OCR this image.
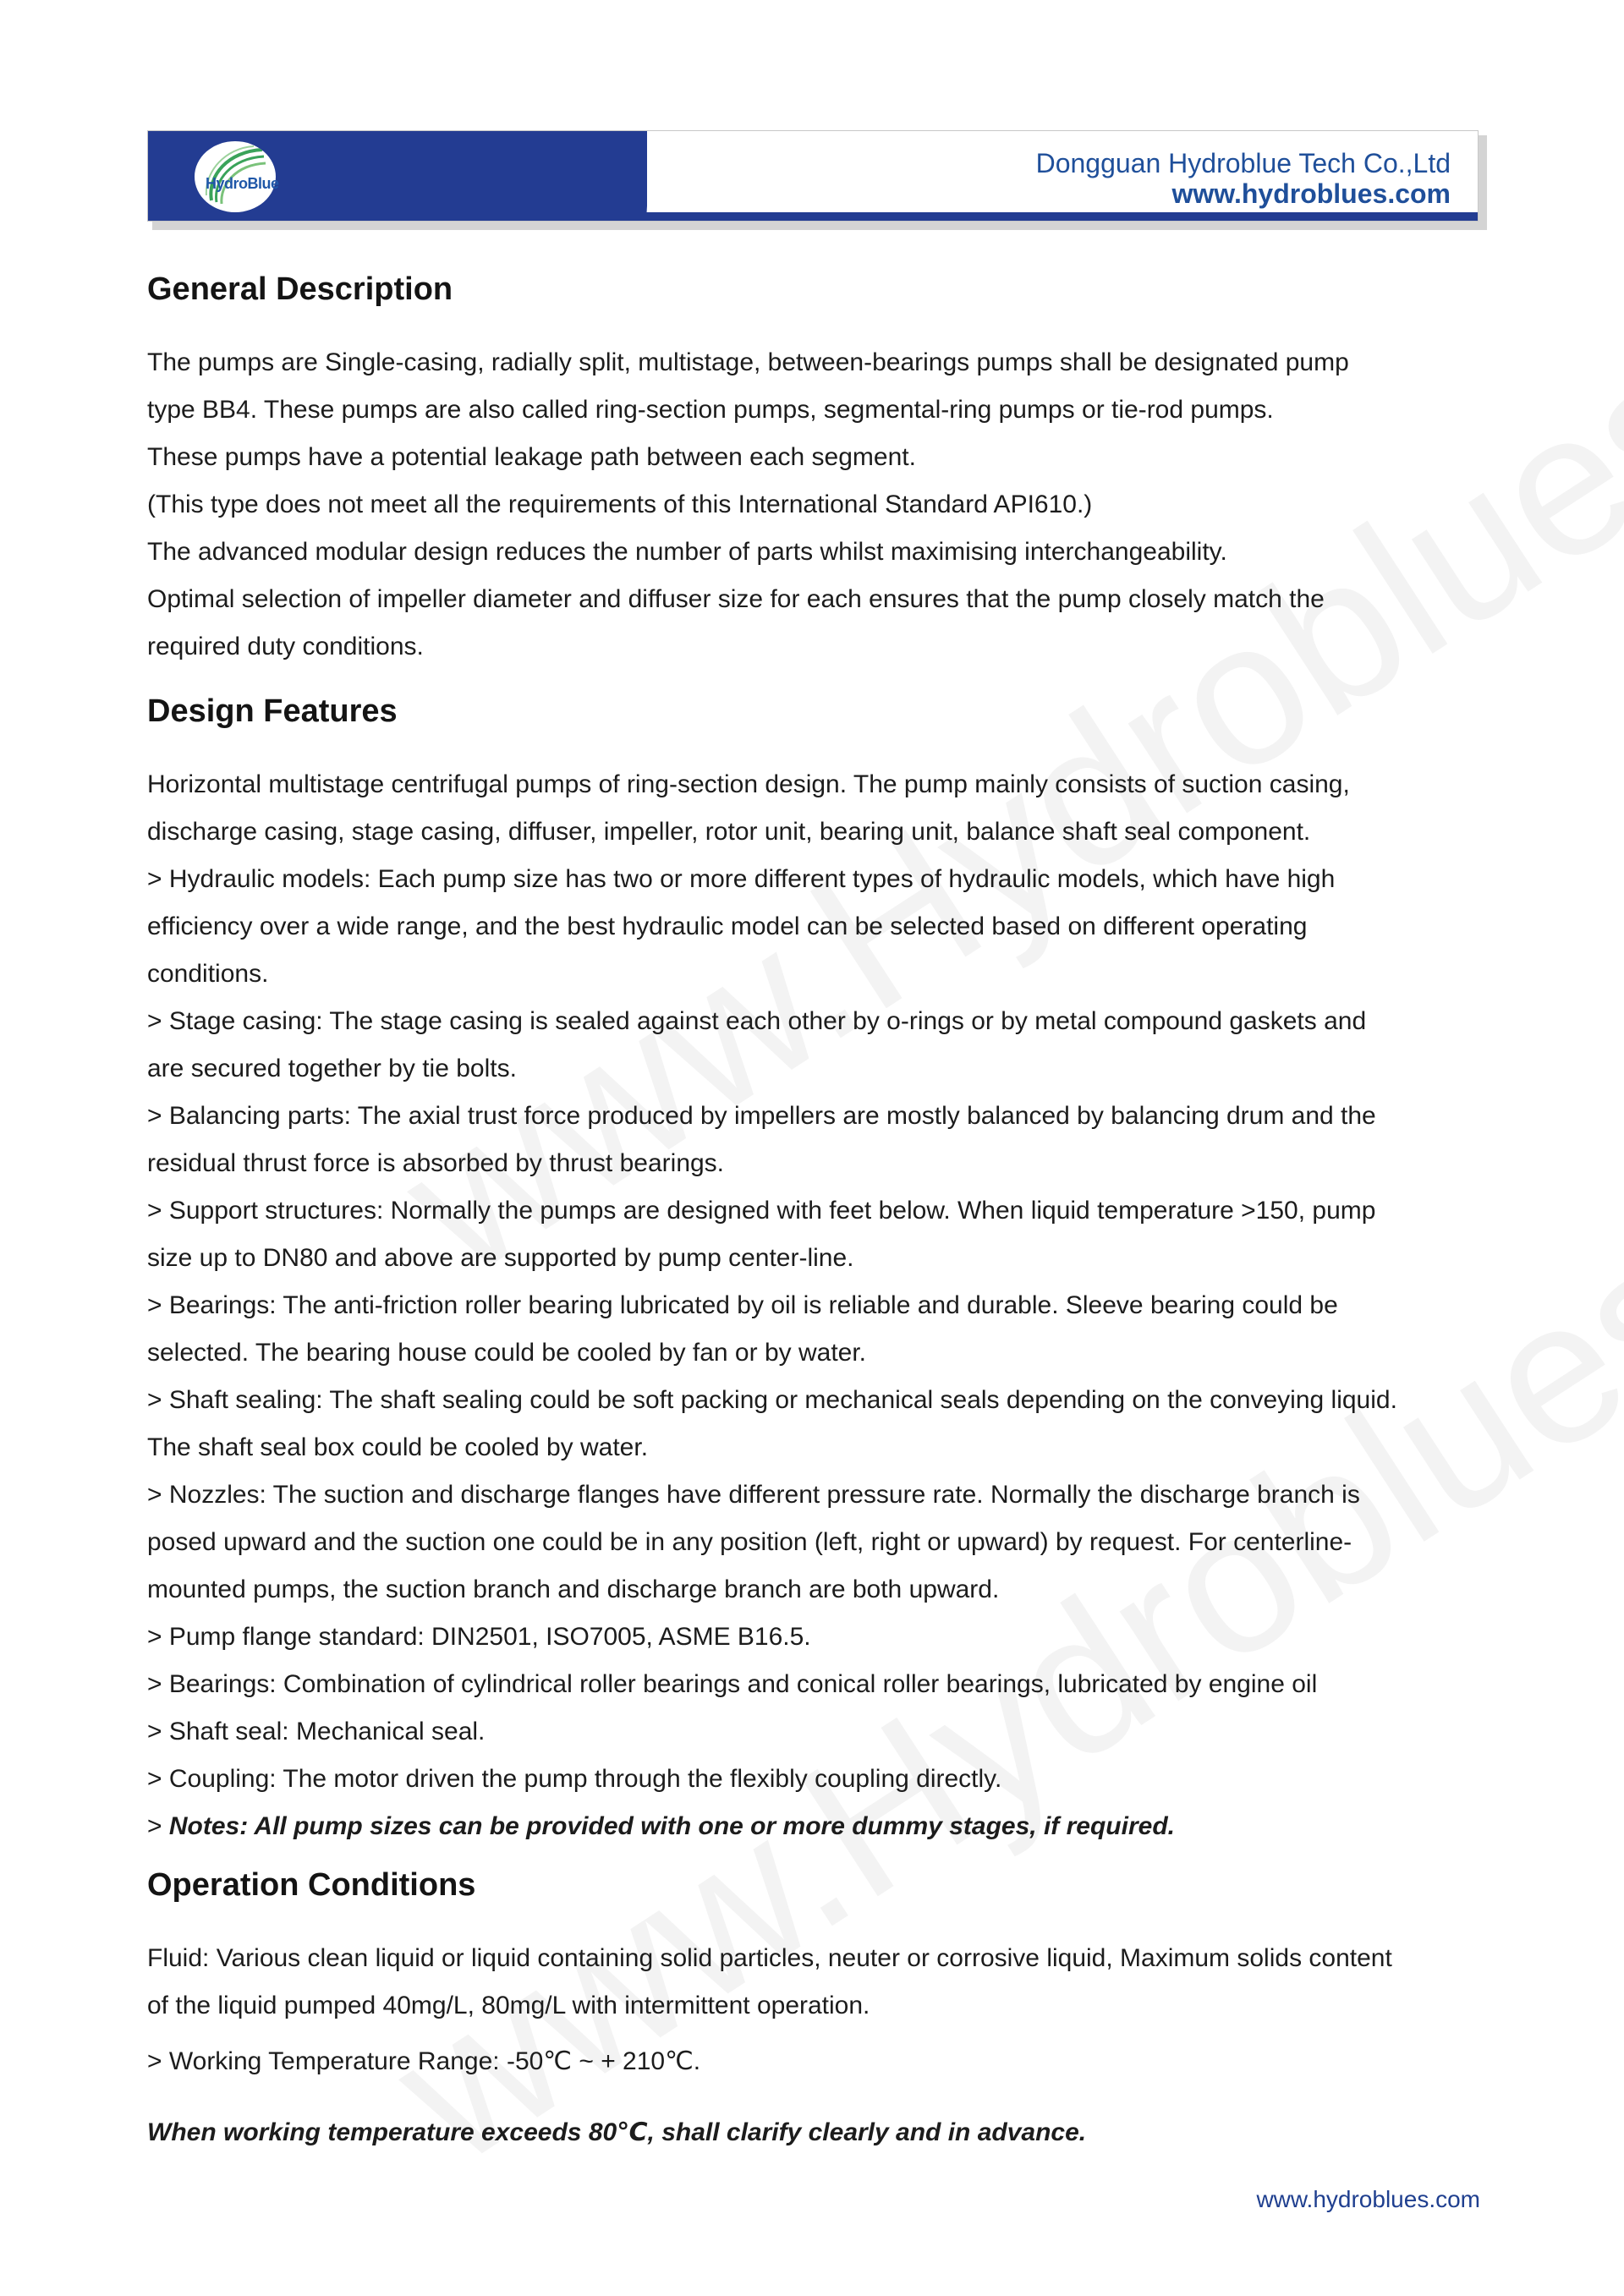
HydroBlue
Dongguan Hydroblue Tech Co.,Ltd
www.hydroblues.com
General Description
The pumps are Single-casing, radially split, multistage, between-bearings pumps shall be designated pump
type BB4. These pumps are also called ring-section pumps, segmental-ring pumps or tie-rod pumps.
These pumps have a potential leakage path between each segment.
(This type does not meet all the requirements of this International Standard API610.)
The advanced modular design reduces the number of parts whilst maximising interchangeability.
Optimal selection of impeller diameter and diffuser size for each ensures that the pump closely match the
required duty conditions.
Design Features
Horizontal multistage centrifugal pumps of ring-section design. The pump mainly consists of suction casing,
discharge casing, stage casing, diffuser, impeller, rotor unit, bearing unit, balance shaft seal component.
> Hydraulic models: Each pump size has two or more different types of hydraulic models, which have high
efficiency over a wide range, and the best hydraulic model can be selected based on different operating
conditions.
> Stage casing: The stage casing is sealed against each other by o-rings or by metal compound gaskets and
are secured together by tie bolts.
> Balancing parts: The axial trust force produced by impellers are mostly balanced by balancing drum and the
residual thrust force is absorbed by thrust bearings.
> Support structures: Normally the pumps are designed with feet below. When liquid temperature >150, pump
size up to DN80 and above are supported by pump center-line.
> Bearings: The anti-friction roller bearing lubricated by oil is reliable and durable. Sleeve bearing could be
selected. The bearing house could be cooled by fan or by water.
> Shaft sealing: The shaft sealing could be soft packing or mechanical seals depending on the conveying liquid.
The shaft seal box could be cooled by water.
> Nozzles: The suction and discharge flanges have different pressure rate. Normally the discharge branch is
posed upward and the suction one could be in any position (left, right or upward) by request. For centerline-
mounted pumps, the suction branch and discharge branch are both upward.
> Pump flange standard: DIN2501, ISO7005, ASME B16.5.
> Bearings: Combination of cylindrical roller bearings and conical roller bearings, lubricated by engine oil
> Shaft seal: Mechanical seal.
> Coupling: The motor driven the pump through the flexibly coupling directly.
> Notes: All pump sizes can be provided with one or more dummy stages, if required.
Operation Conditions
Fluid: Various clean liquid or liquid containing solid particles, neuter or corrosive liquid, Maximum solids content
of the liquid pumped 40mg/L, 80mg/L with intermittent operation.
> Working Temperature Range: -50℃ ~ + 210℃.
When working temperature exceeds 80℃, shall clarify clearly and in advance.
www.hydroblues.com
